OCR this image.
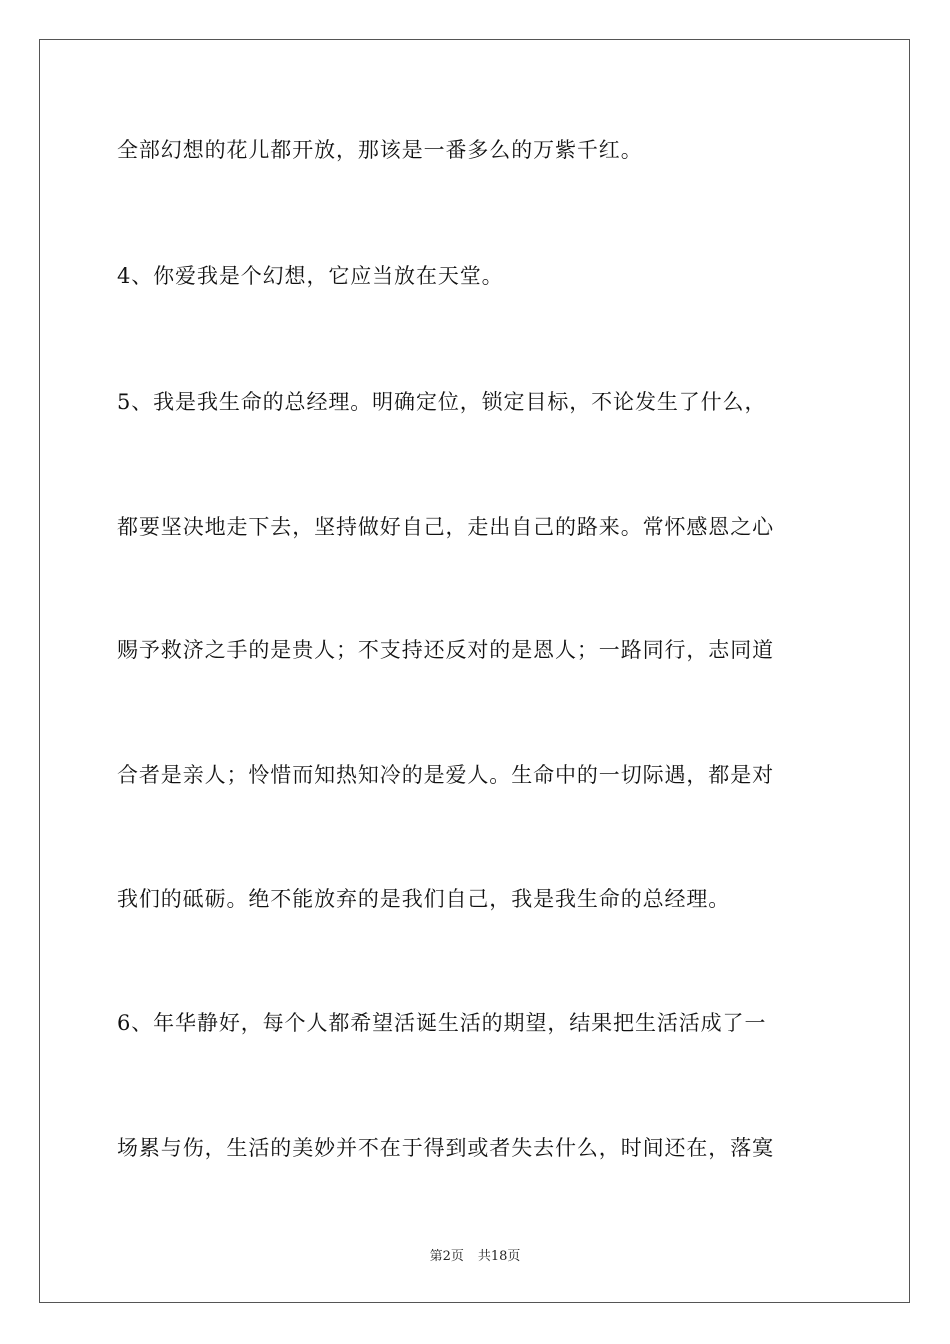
全部幻想的花儿都开放，那该是一番多么的万紫千红。
4、你爱我是个幻想，它应当放在天堂。
5、我是我生命的总经理。明确定位，锁定目标，不论发生了什么，
都要坚决地走下去，坚持做好自己，走出自己的路来。常怀感恩之心
赐予救济之手的是贵人；不支持还反对的是恩人；一路同行，志同道
合者是亲人；怜惜而知热知冷的是爱人。生命中的一切际遇，都是对
我们的砥砺。绝不能放弃的是我们自己，我是我生命的总经理。
6、年华静好，每个人都希望活诞生活的期望，结果把生活活成了一
场累与伤，生活的美妙并不在于得到或者失去什么，时间还在，落寞
第2页 共18页
